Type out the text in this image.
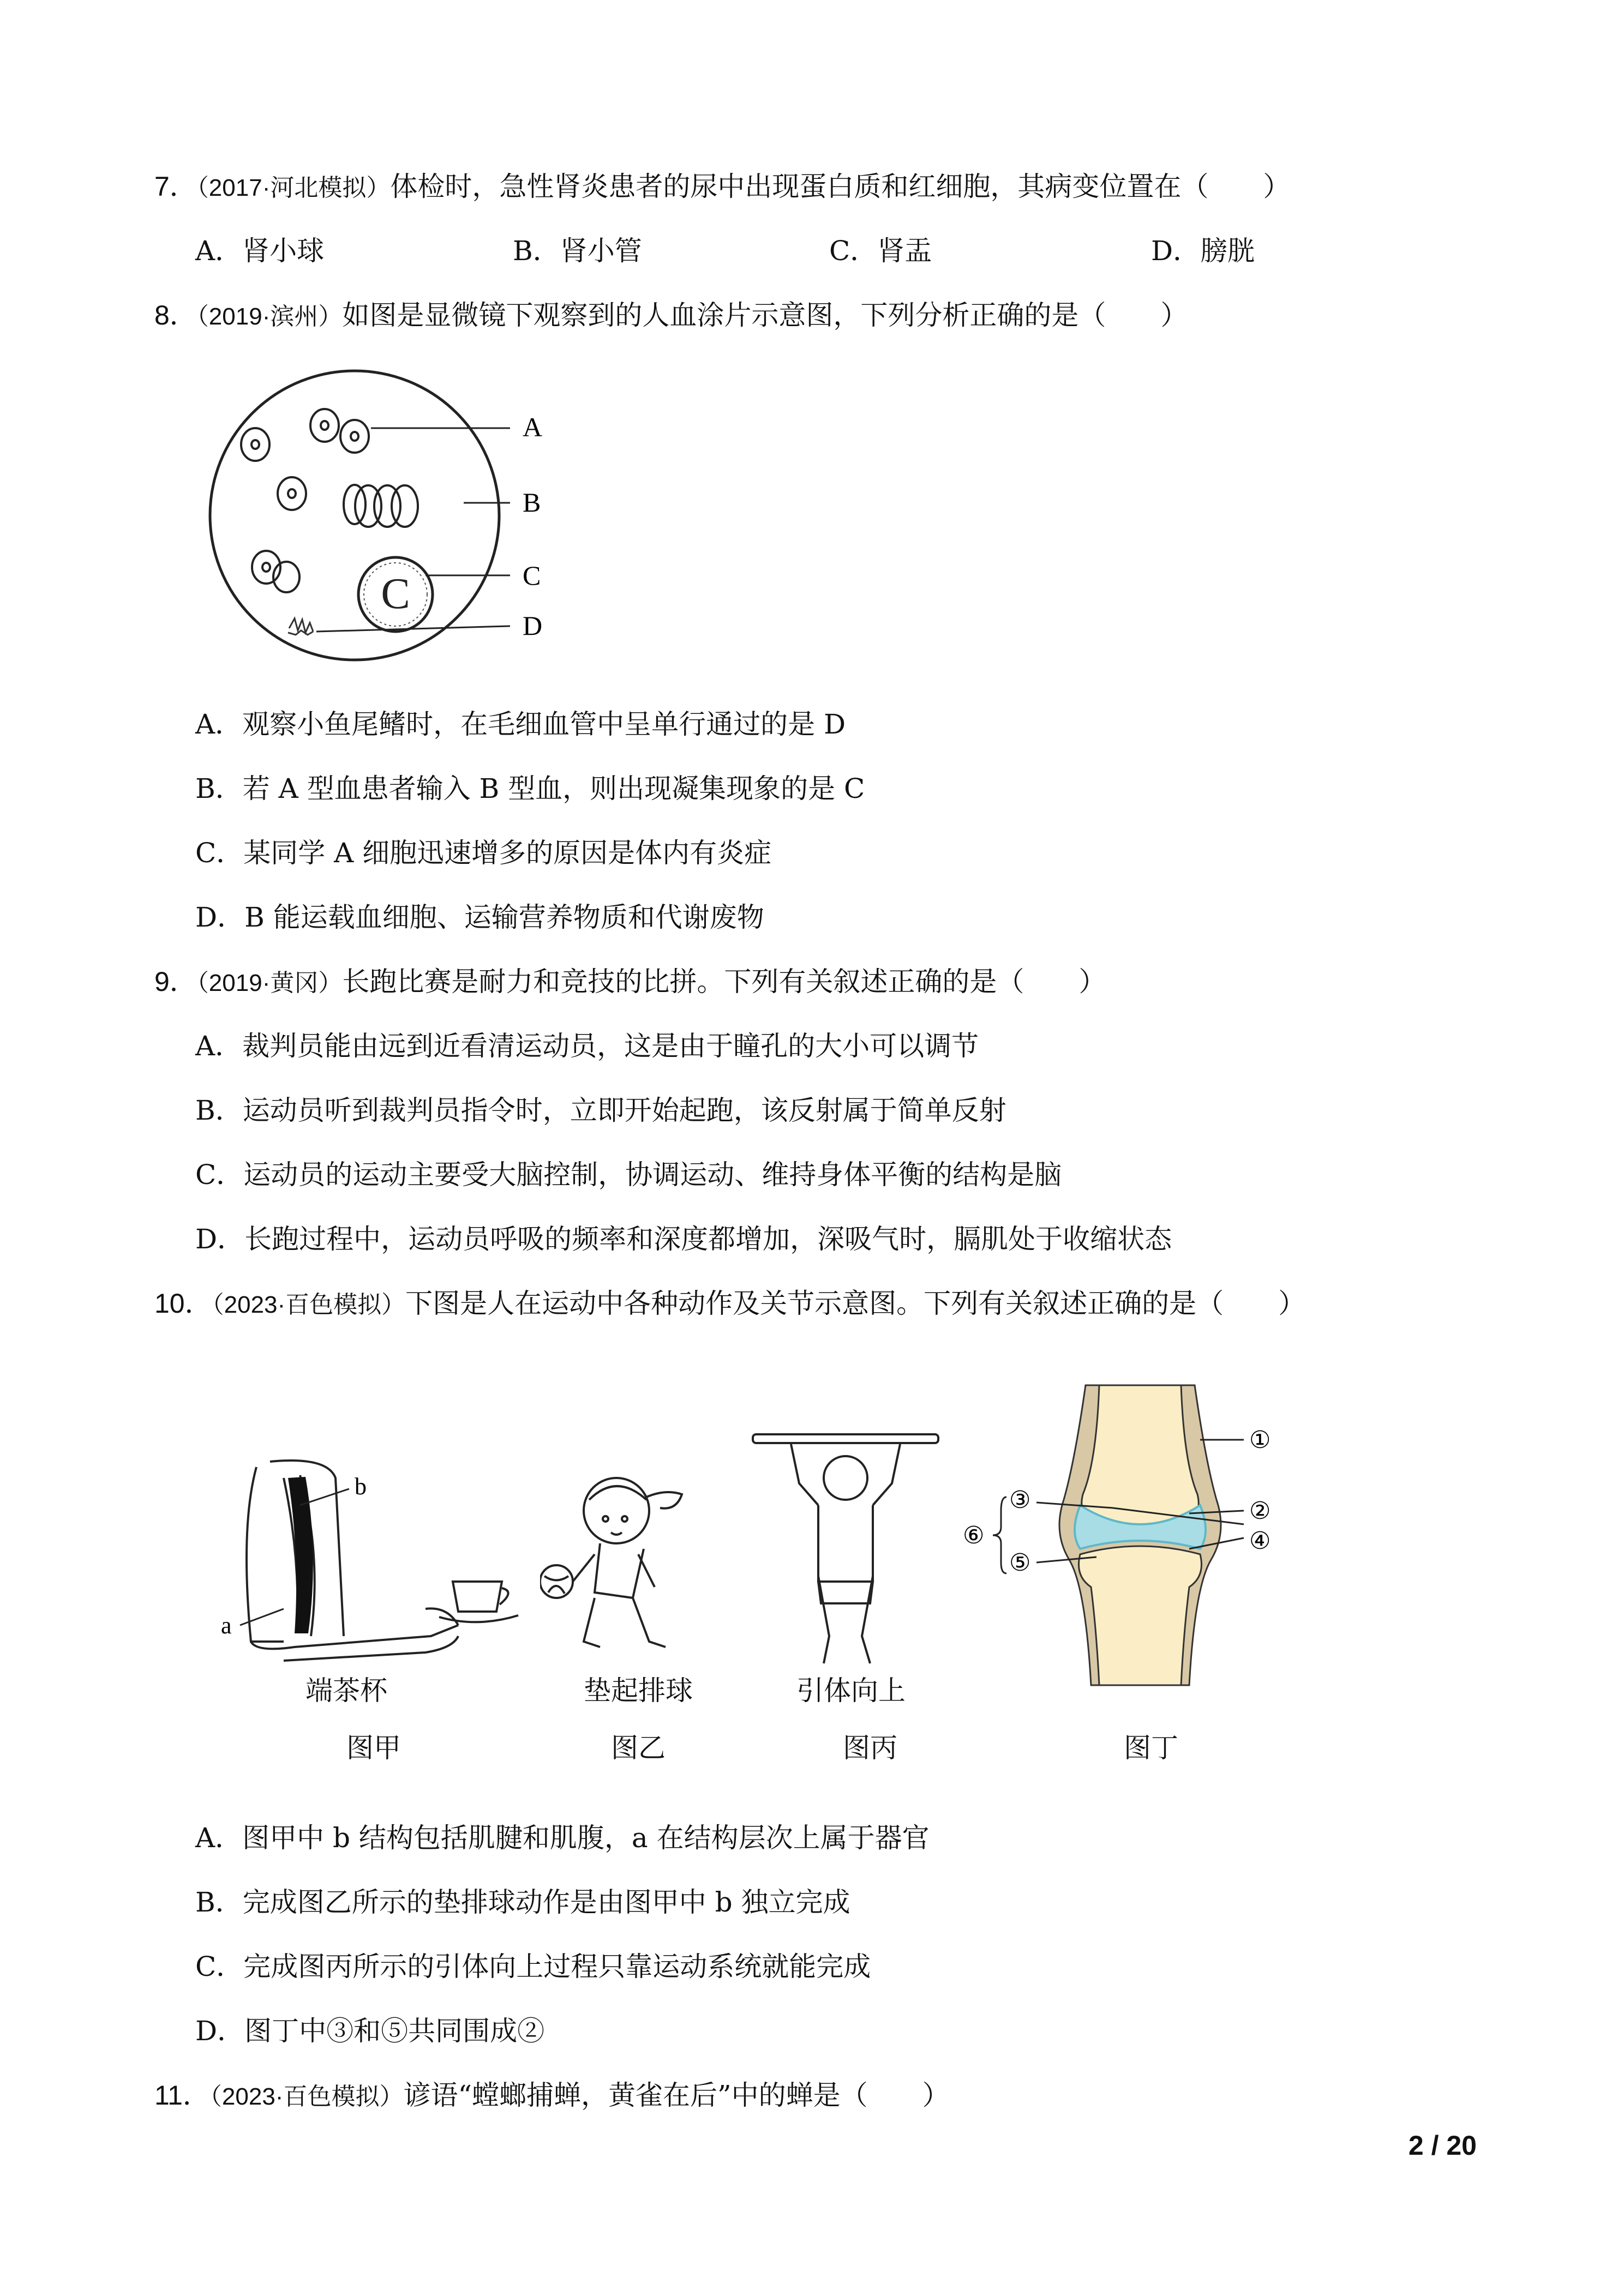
7．（2017·河北模拟）体检时，急性肾炎患者的尿中出现蛋白质和红细胞，其病变位置在（　　）
A．肾小球	B．肾小管	C．肾盂	D．膀胱
8．（2019·滨州）如图是显微镜下观察到的人血涂片示意图，下列分析正确的是（　　）
C
A
B
C
D
A．观察小鱼尾鳍时，在毛细血管中呈单行通过的是 D
B．若 A 型血患者输入 B 型血，则出现凝集现象的是 C
C．某同学 A 细胞迅速增多的原因是体内有炎症
D．B 能运载血细胞、运输营养物质和代谢废物
9．（2019·黄冈）长跑比赛是耐力和竞技的比拼。下列有关叙述正确的是（　　）
A．裁判员能由远到近看清运动员，这是由于瞳孔的大小可以调节
B．运动员听到裁判员指令时，立即开始起跑，该反射属于简单反射
C．运动员的运动主要受大脑控制，协调运动、维持身体平衡的结构是脑
D．长跑过程中，运动员呼吸的频率和深度都增加，深吸气时，膈肌处于收缩状态
10．（2023·百色模拟）下图是人在运动中各种动作及关节示意图。下列有关叙述正确的是（　　）
a
b
①
②
③
④
⑤
⑥
端茶杯	垫起排球	引体向上
图甲	图乙	图丙	图丁
A．图甲中 b 结构包括肌腱和肌腹，a 在结构层次上属于器官
B．完成图乙所示的垫排球动作是由图甲中 b 独立完成
C．完成图丙所示的引体向上过程只靠运动系统就能完成
D．图丁中③和⑤共同围成②
11．（2023·百色模拟）谚语“螳螂捕蝉，黄雀在后”中的蝉是（　　）
2 / 20
